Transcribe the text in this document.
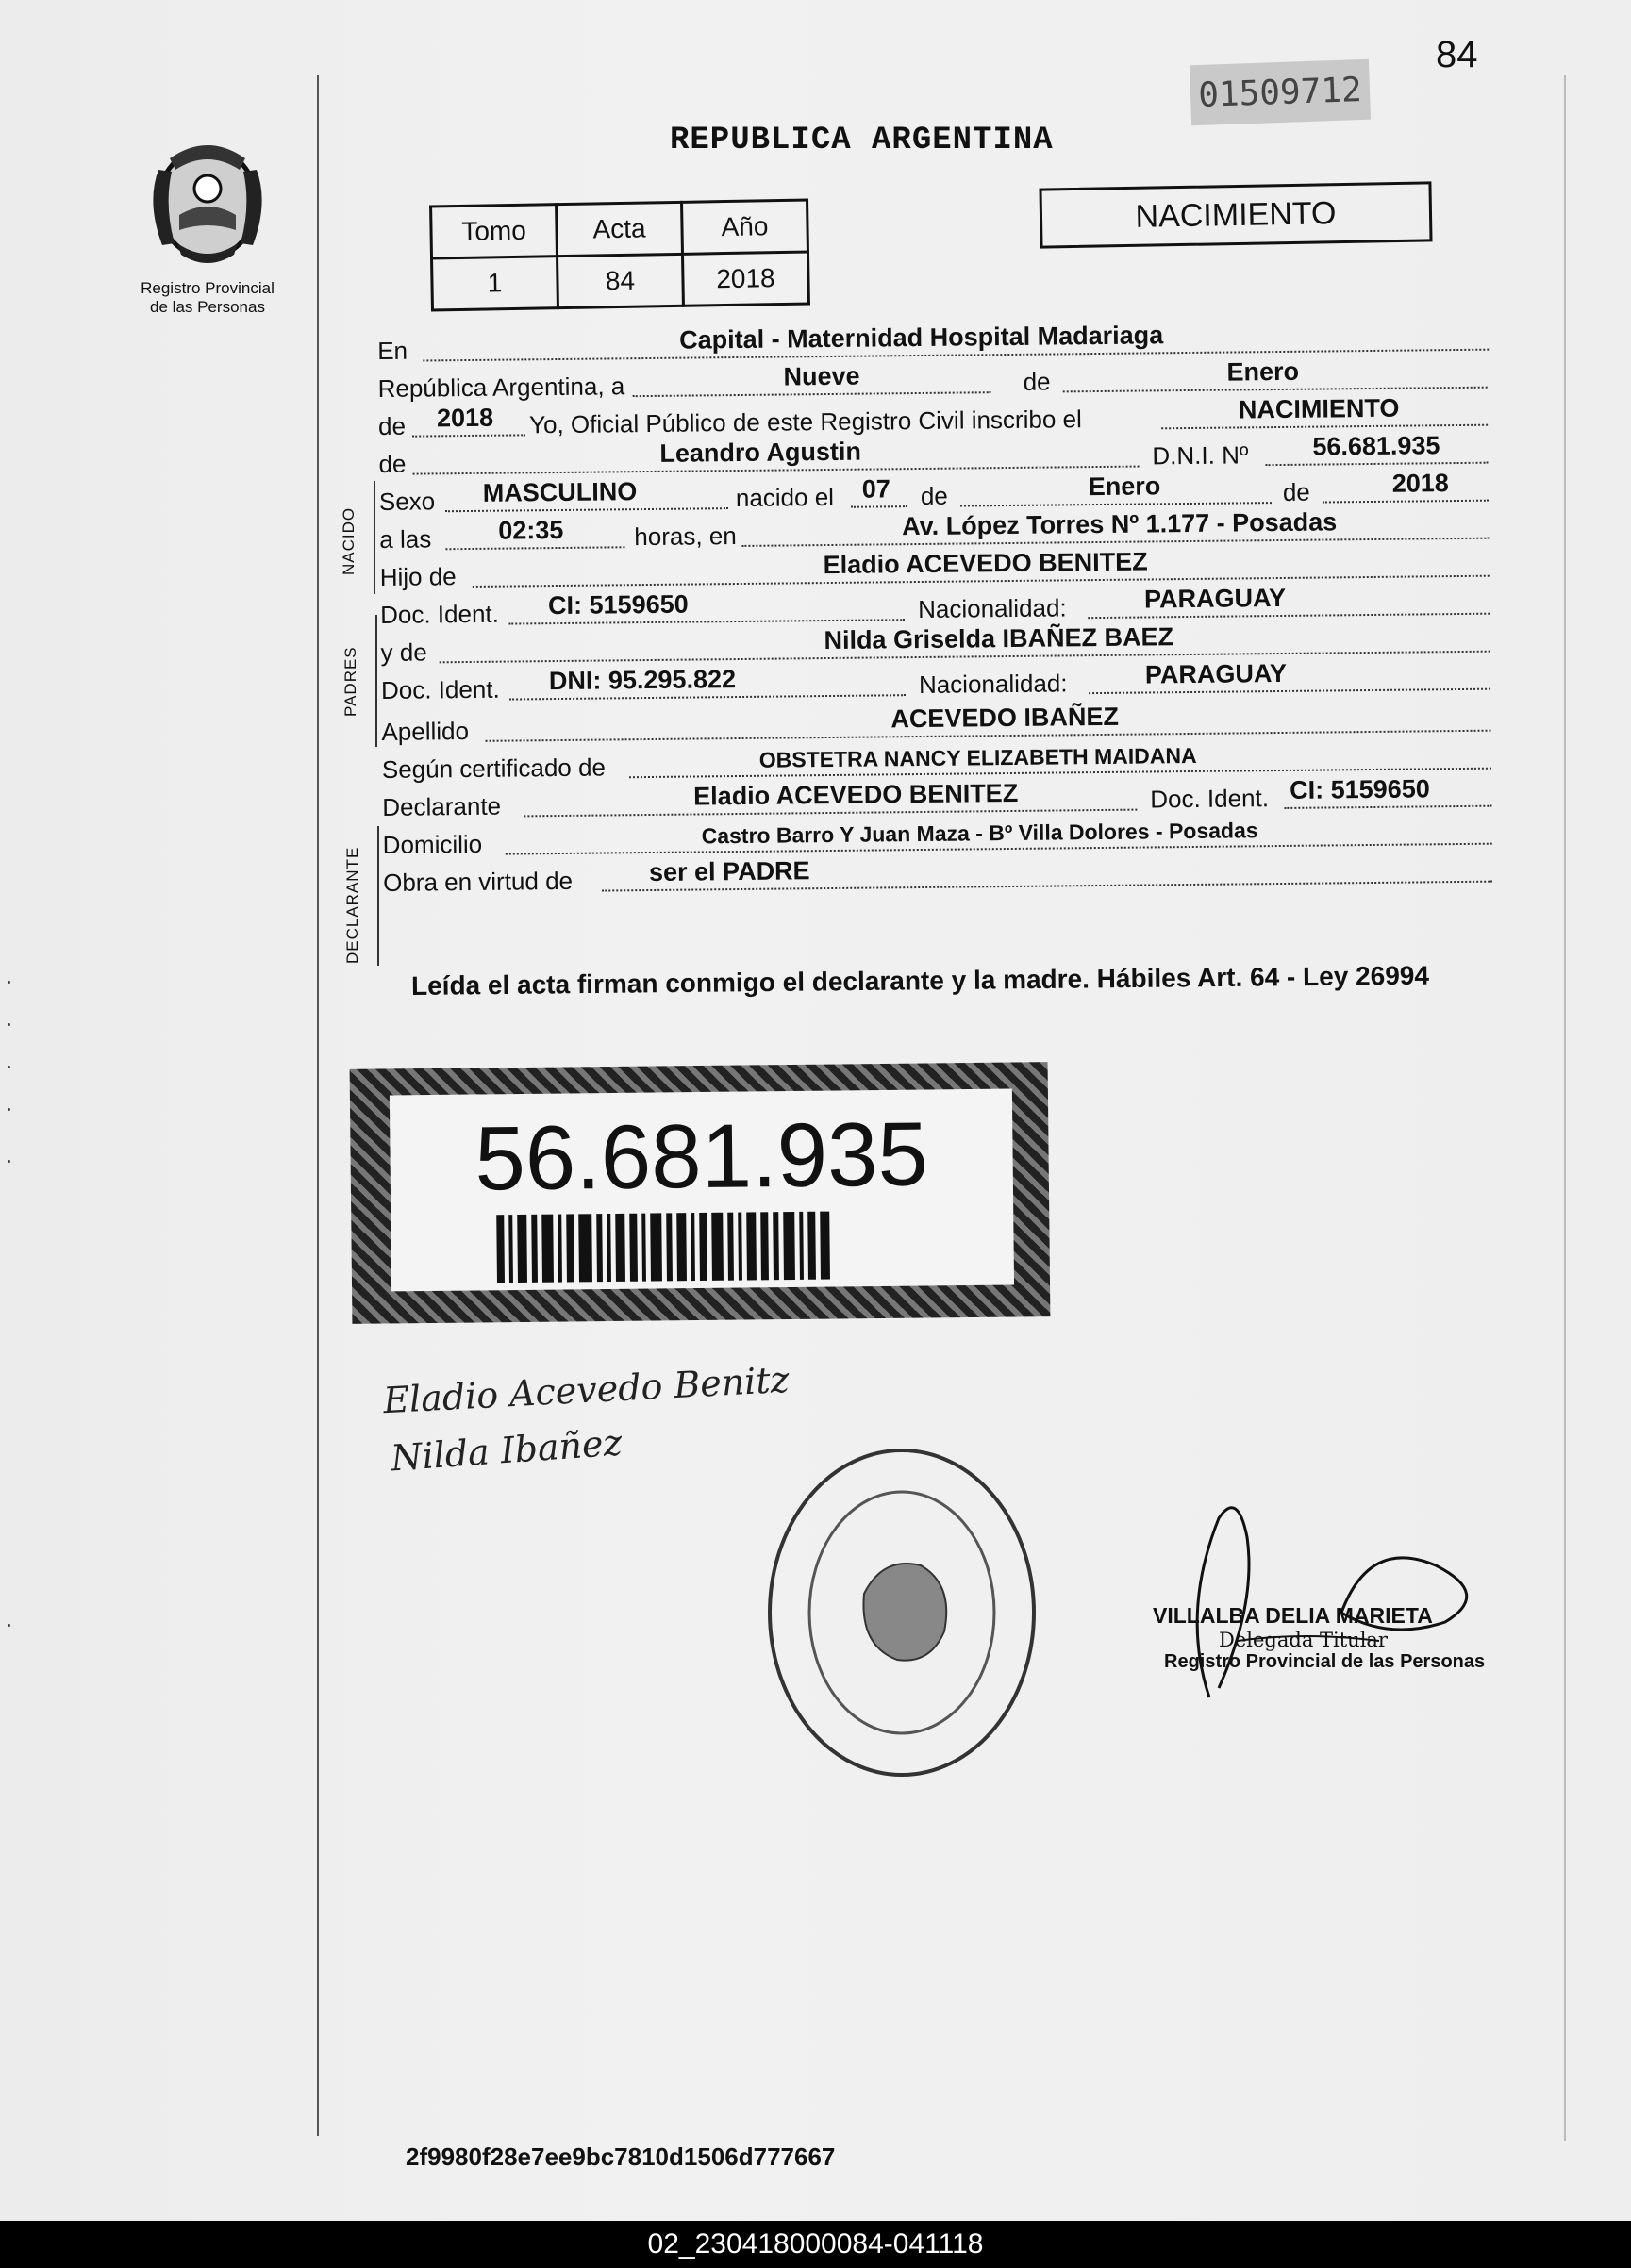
Registro Provincial
de las Personas
01509712
84
REPUBLICA ARGENTINA
Tomo	Acta	Año
1	84	2018
NACIMIENTO
NACIDO
PADRES
DECLARANTE
En	Capital - Maternidad Hospital Madariaga
República Argentina, a	Nueve	de	Enero
de 2018 Yo, Oficial Público de este Registro Civil inscribo el	NACIMIENTO
de	Leandro Agustin	D.N.I. Nº	56.681.935
Sexo MASCULINO	nacido el 07 de	Enero	de	2018
a las	02:35	horas, en	Av. López Torres Nº 1.177 - Posadas
Hijo de	Eladio ACEVEDO BENITEZ
Doc. Ident. CI: 5159650	Nacionalidad:	PARAGUAY
y de	Nilda Griselda IBAÑEZ BAEZ
Doc. Ident. DNI: 95.295.822	Nacionalidad:	PARAGUAY
Apellido	ACEVEDO IBAÑEZ
Según certificado de	OBSTETRA NANCY ELIZABETH MAIDANA
Declarante	Eladio ACEVEDO BENITEZ	Doc. Ident. CI: 5159650
Domicilio	Castro Barro Y Juan Maza - Bº Villa Dolores - Posadas
Obra en virtud de	ser el PADRE
Leída el acta firman conmigo el declarante y la madre. Hábiles Art. 64 - Ley 26994
56.681.935
Eladio Acevedo Benitz
Nilda Ibañez
VILLALBA DELIA MARIETA
Delegada Titular
Registro Provincial de las Personas
2f9980f28e7ee9bc7810d1506d777667
02_230418000084-041118
